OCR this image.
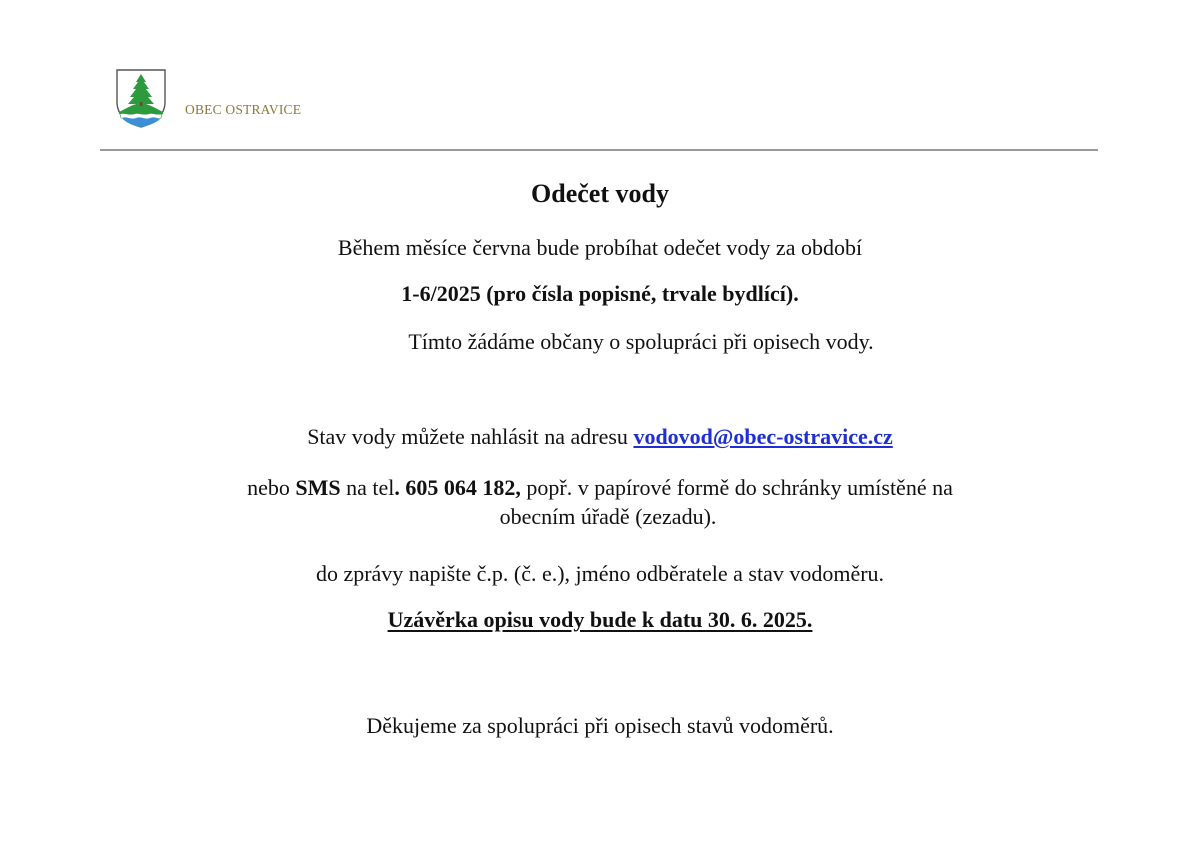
OBEC OSTRAVICE
Odečet vody
Během měsíce června bude probíhat odečet vody za období
1-6/2025 (pro čísla popisné, trvale bydlící).
Tímto žádáme občany o spolupráci při opisech vody.
Stav vody můžete nahlásit na adresu vodovod@obec-ostravice.cz
nebo SMS na tel. 605 064 182, popř. v papírové formě do schránky umístěné na
obecním úřadě (zezadu).
do zprávy napište č.p. (č. e.), jméno odběratele a stav vodoměru.
Uzávěrka opisu vody bude k datu 30. 6. 2025.
Děkujeme za spolupráci při opisech stavů vodoměrů.
